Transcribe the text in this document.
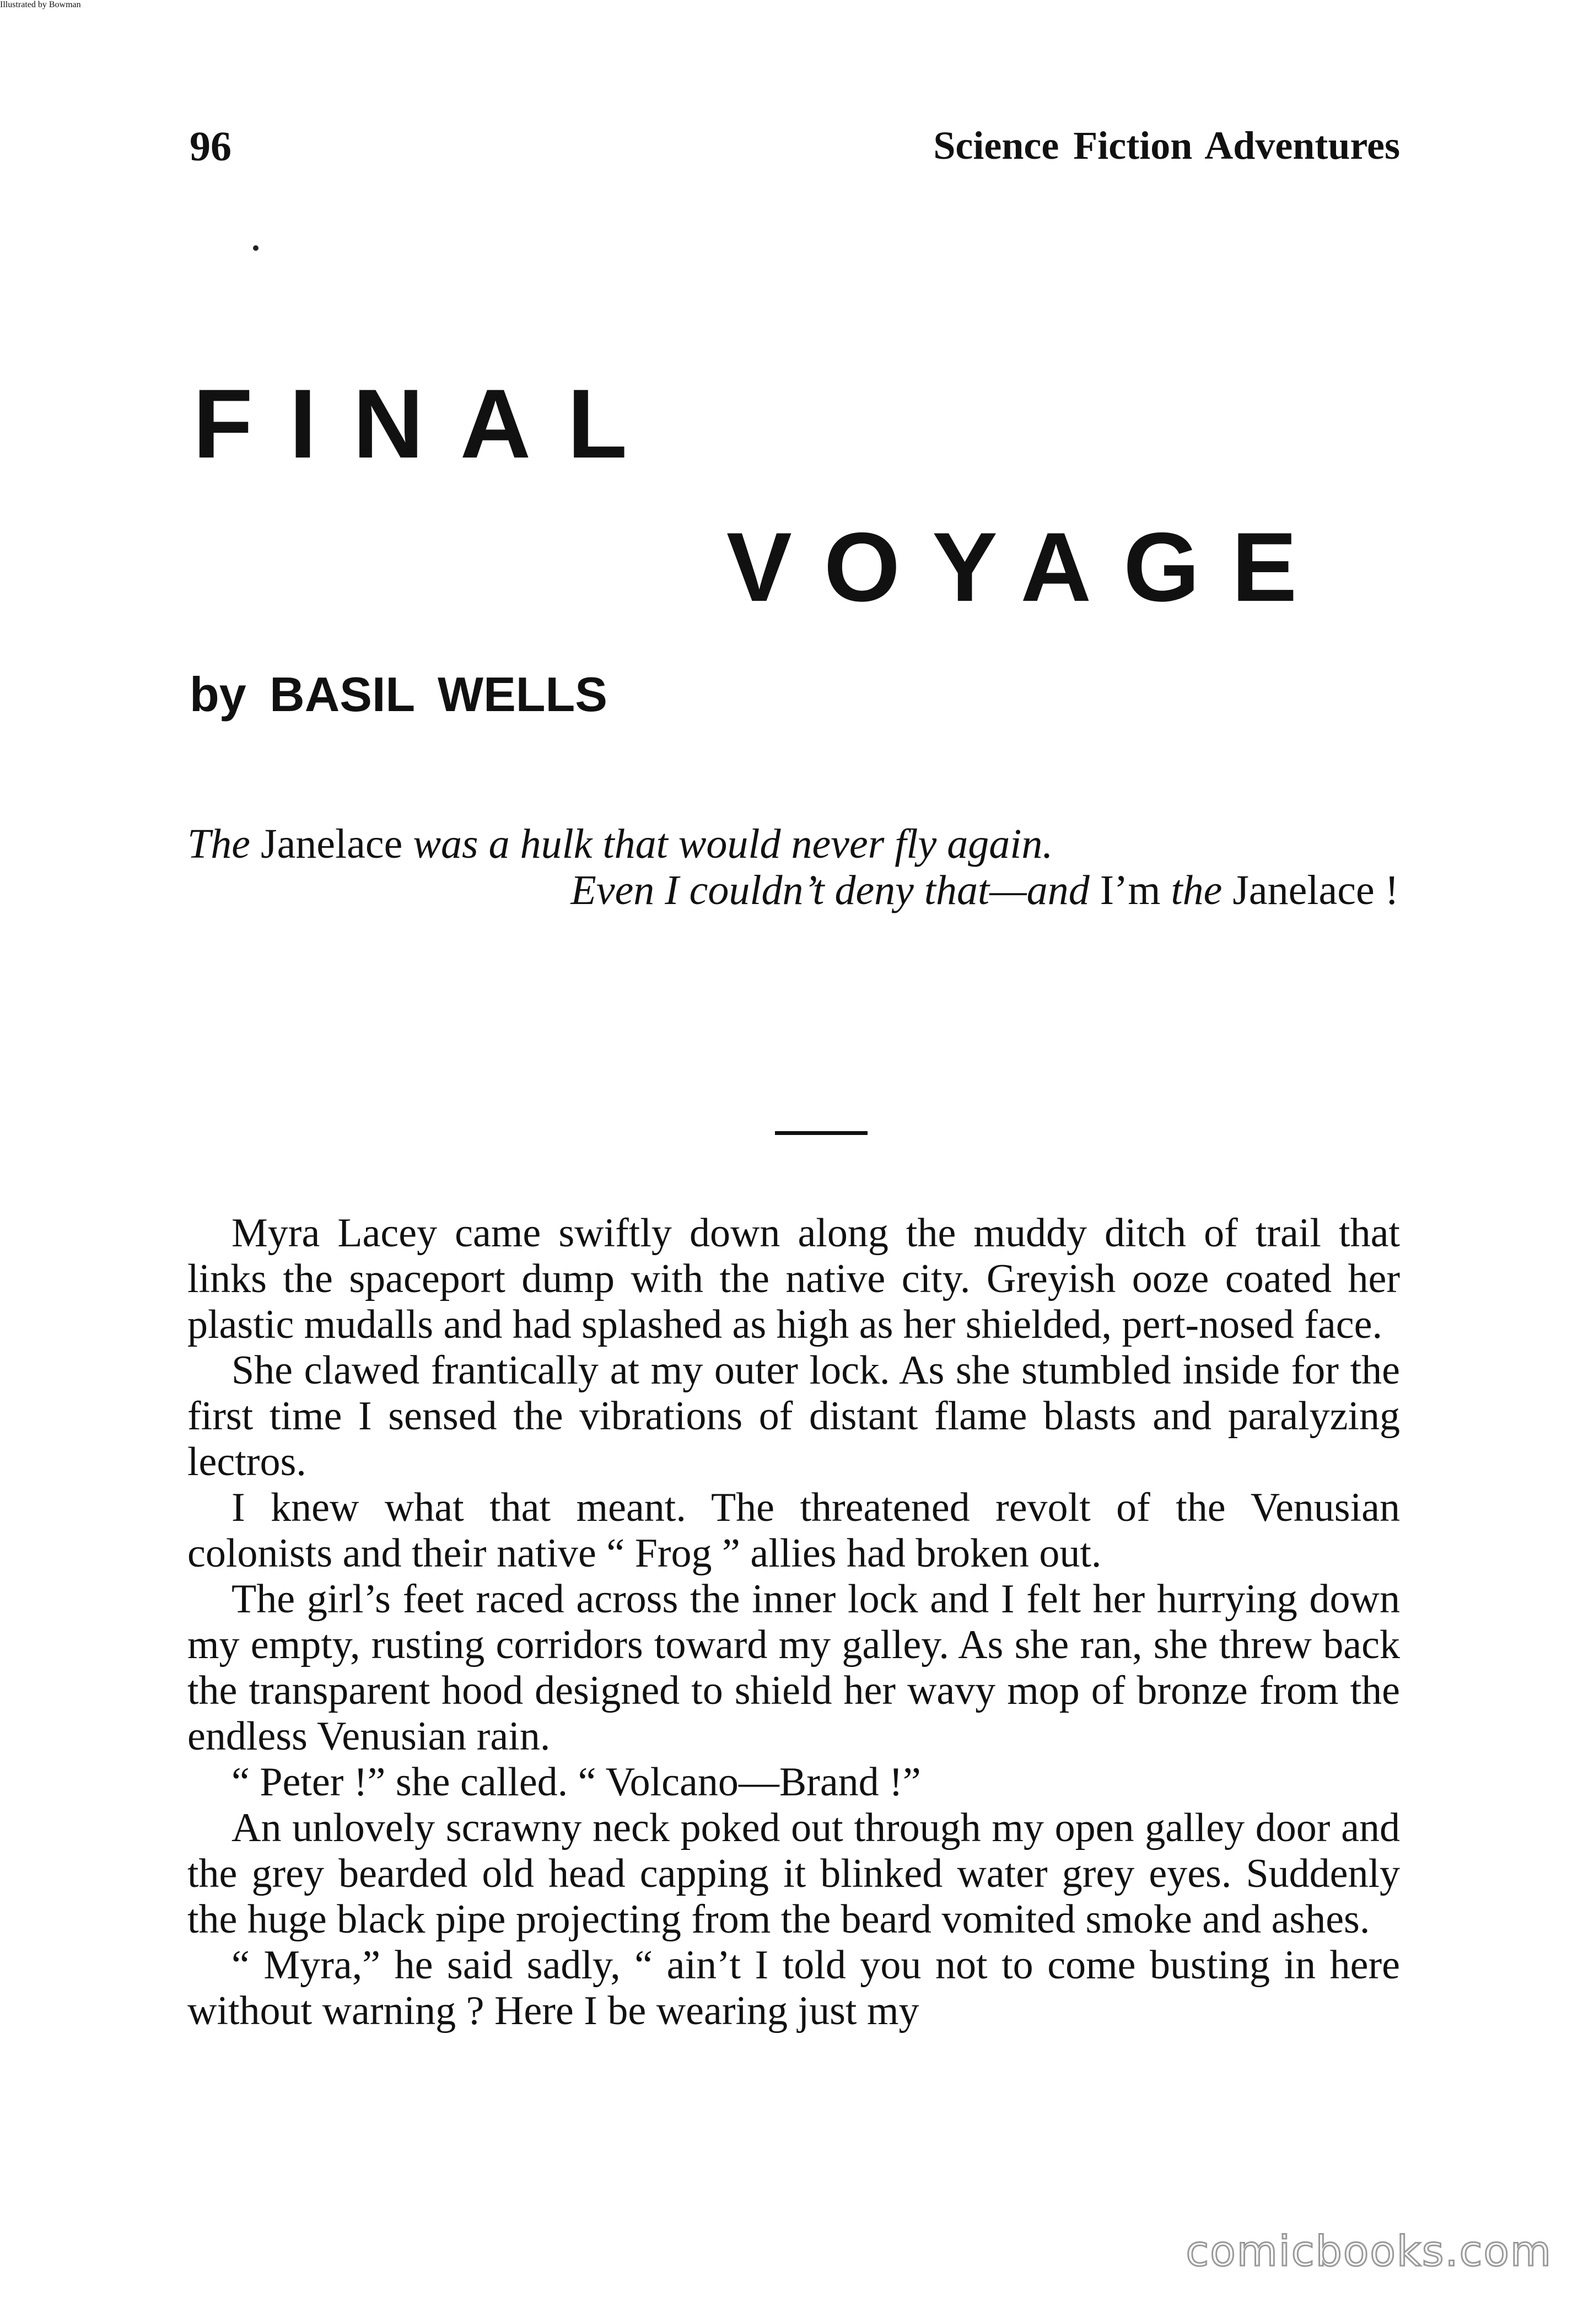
96	Science Fiction Adventures
FINAL
VOYAGE
by BASIL WELLS
The Janelace was a hulk that would never fly again.
Even I couldn’t deny that—and I’m the Janelace !
Illustrated by Bowman

Myra Lacey came swiftly down along the muddy ditch of trail that links the spaceport dump with the native city. Greyish ooze coated her plastic mudalls and had splashed as high as her shielded, pert-nosed face.

She clawed frantically at my outer lock. As she stumbled inside for the first time I sensed the vibrations of distant flame blasts and paralyzing lectros.

I knew what that meant. The threatened revolt of the Venusian colonists and their native “ Frog ” allies had broken out.

The girl’s feet raced across the inner lock and I felt her hurrying down my empty, rusting corridors toward my galley. As she ran, she threw back the transparent hood designed to shield her wavy mop of bronze from the endless Venusian rain.

“ Peter !” she called. “ Volcano—Brand !”

An unlovely scrawny neck poked out through my open galley door and the grey bearded old head capping it blinked water grey eyes. Suddenly the huge black pipe projecting from the beard vomited smoke and ashes.

“ Myra,” he said sadly, “ ain’t I told you not to come busting in here without warning ? Here I be wearing just my

comicbooks.com
